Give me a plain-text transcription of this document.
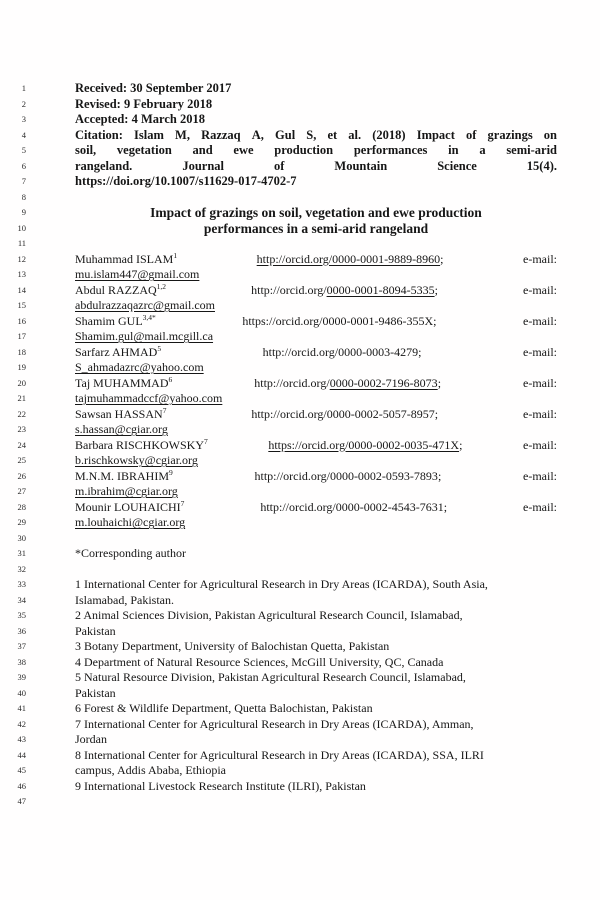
1	Received: 30 September 2017
2	Revised: 9 February 2018
3	Accepted: 4 March 2018
4	Citation: Islam M, Razzaq A, Gul S, et al. (2018) Impact of grazings on
5	soil, vegetation and ewe production performances in a semi-arid
6	rangeland.	Journal	of	Mountain	Science	15(4).
7	https://doi.org/10.1007/s11629-017-4702-7
8
9	Impact of grazings on soil, vegetation and ewe production
10	performances in a semi-arid rangeland
11
12	Muhammad ISLAM$^1$	http://orcid.org/0000-0001-9889-8960;	e-mail:
13	mu.islam447@gmail.com
14	Abdul RAZZAQ$^{1,2}$	http://orcid.org/0000-0001-8094-5335;	e-mail:
15	abdulrazzaqazrc@gmail.com
16	Shamim $GUL^{3,4*}$	https://orcid.org/0000-0001-9486-355X;	e-mail:
17	Shamim.gul@mail.mcgill.ca
18	Sarfarz AHMAD$^5$	http://orcid.org/0000-0003-4279;	e-mail:
19	S_ahmadazrc@yahoo.com
20	Taj MUHAMMAD$^6$	http://orcid.org/0000-0002-7196-8073;	e-mail:
21	tajmuhammadccf@yahoo.com
22	Sawsan HASSAN$^7$	http://orcid.org/0000-0002-5057-8957;	e-mail:
23	s.hassan@cgiar.org
24	Barbara RISCHKOWSKY$^7$	https://orcid.org/0000-0002-0035-471X;	e-mail:
25	b.rischkowsky@cgiar.org
26	M.N.M. IBRAHIM$^9$	http://orcid.org/0000-0002-0593-7893;	e-mail:
27	m.ibrahim@cgiar.org
28	Mounir LOUHAICHI$^7$	http://orcid.org/0000-0002-4543-7631;	e-mail:
29	m.louhaichi@cgiar.org
30
31	*Corresponding author
32
33	1 International Center for Agricultural Research in Dry Areas (ICARDA), South Asia,
34	Islamabad, Pakistan.
35	2 Animal Sciences Division, Pakistan Agricultural Research Council, Islamabad,
36	Pakistan
37	3 Botany Department, University of Balochistan Quetta, Pakistan
38	4 Department of Natural Resource Sciences, McGill University, QC, Canada
39	5 Natural Resource Division, Pakistan Agricultural Research Council, Islamabad,
40	Pakistan
41	6 Forest & Wildlife Department, Quetta Balochistan, Pakistan
42	7 International Center for Agricultural Research in Dry Areas (ICARDA), Amman,
43	Jordan
44	8 International Center for Agricultural Research in Dry Areas (ICARDA), SSA, ILRI
45	campus, Addis Ababa, Ethiopia
46	9 International Livestock Research Institute (ILRI), Pakistan
47
